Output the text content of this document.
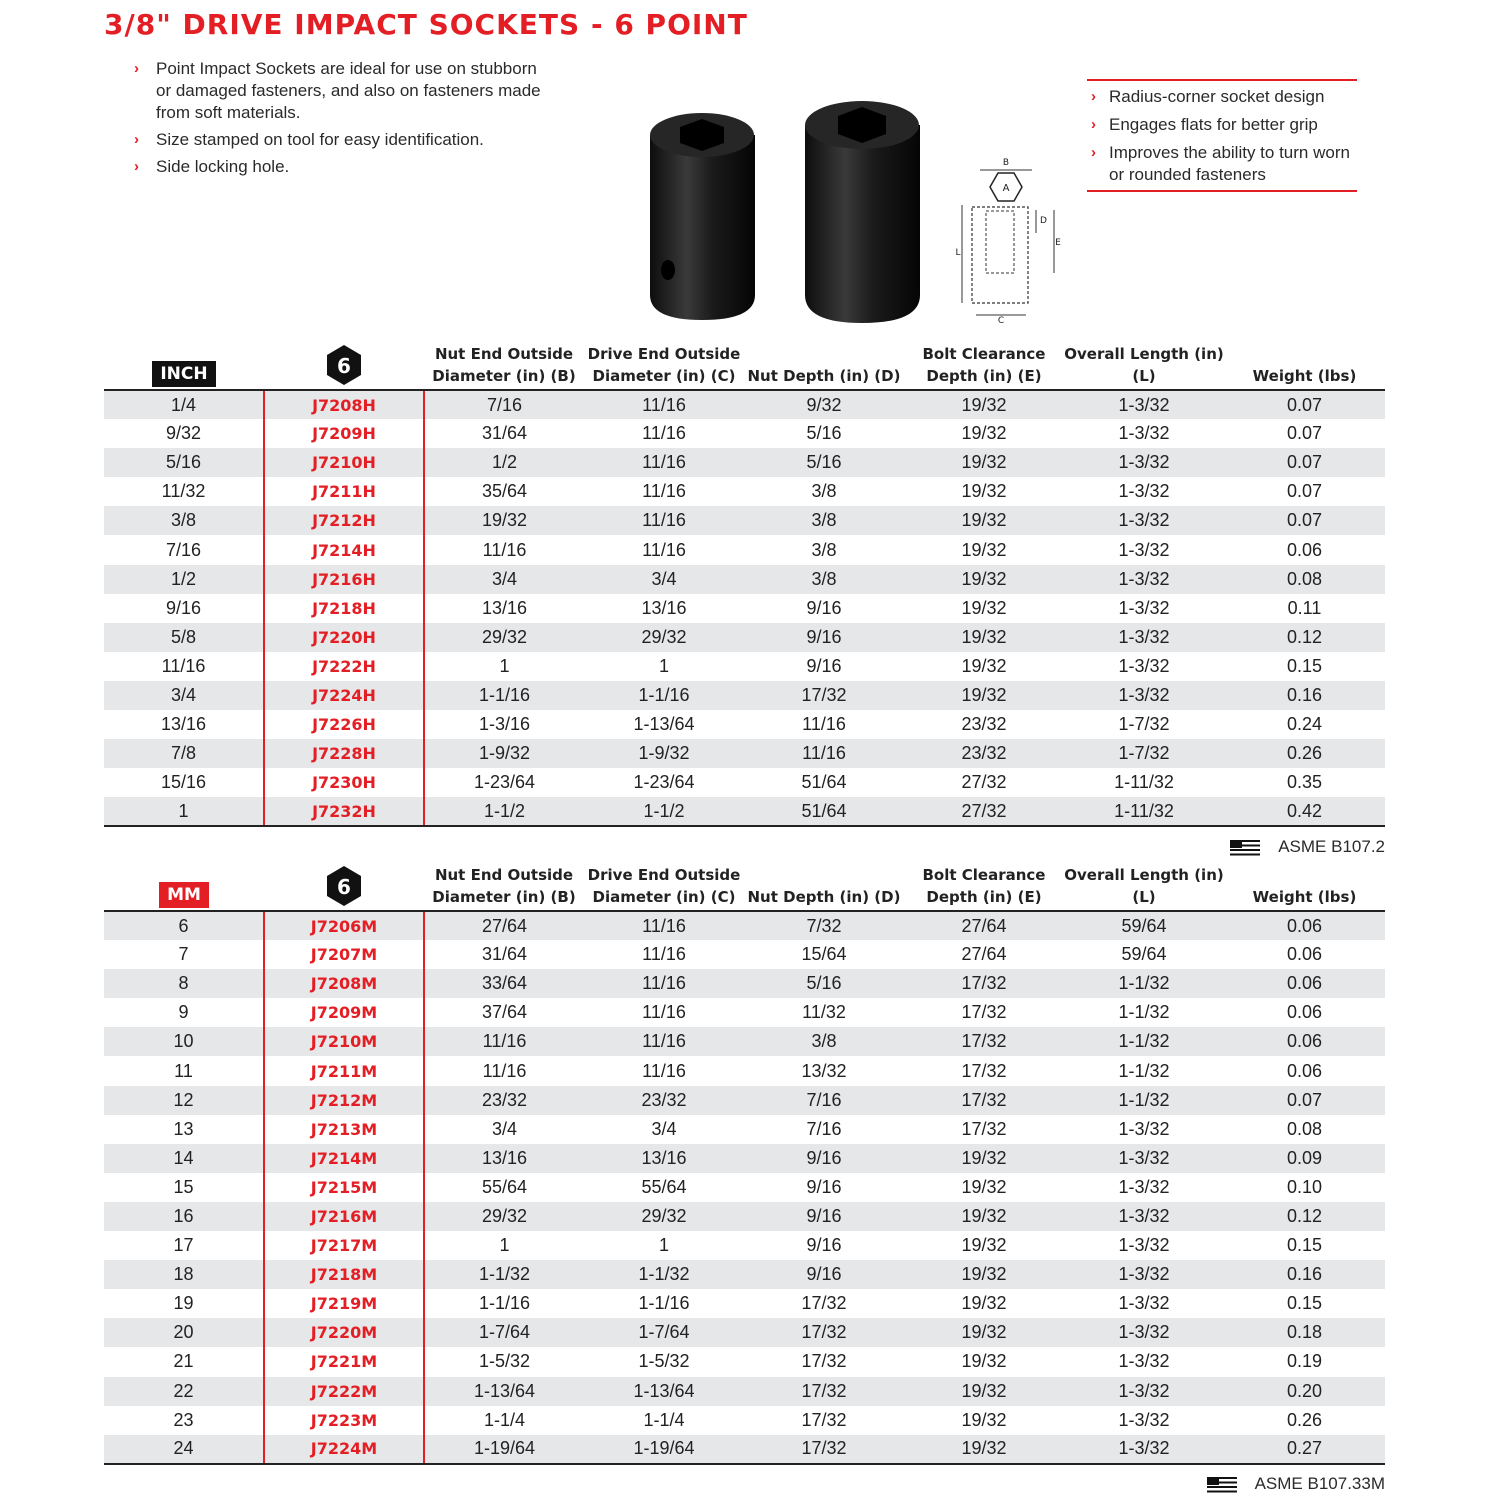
3/8" DRIVE IMPACT SOCKETS - 6 POINT
› Point Impact Sockets are ideal for use on stubborn or damaged fasteners, and also on fasteners made from soft materials.
› Size stamped on tool for easy identification.
› Side locking hole.	B
A
C
D
E
L
› Radius-corner socket design
› Engages flats for better grip
› Improves the ability to turn worn or rounded fasteners
INCH	6	Nut End Outside Diameter (in) (B)	Drive End Outside Diameter (in) (C)	Nut Depth (in) (D)	Bolt Clearance Depth (in) (E)	Overall Length (in) (L)	Weight (lbs)
1/4	J7208H	7/16	11/16	9/32	19/32	1-3/32	0.07
9/32	J7209H	31/64	11/16	5/16	19/32	1-3/32	0.07
5/16	J7210H	1/2	11/16	5/16	19/32	1-3/32	0.07
11/32	J7211H	35/64	11/16	3/8	19/32	1-3/32	0.07
3/8	J7212H	19/32	11/16	3/8	19/32	1-3/32	0.07
7/16	J7214H	11/16	11/16	3/8	19/32	1-3/32	0.06
1/2	J7216H	3/4	3/4	3/8	19/32	1-3/32	0.08
9/16	J7218H	13/16	13/16	9/16	19/32	1-3/32	0.11
5/8	J7220H	29/32	29/32	9/16	19/32	1-3/32	0.12
11/16	J7222H	1	1	9/16	19/32	1-3/32	0.15
3/4	J7224H	1-1/16	1-1/16	17/32	19/32	1-3/32	0.16
13/16	J7226H	1-3/16	1-13/64	11/16	23/32	1-7/32	0.24
7/8	J7228H	1-9/32	1-9/32	11/16	23/32	1-7/32	0.26
15/16	J7230H	1-23/64	1-23/64	51/64	27/32	1-11/32	0.35
1	J7232H	1-1/2	1-1/2	51/64	27/32	1-11/32	0.42
ASME B107.2
MM	6	Nut End Outside Diameter (in) (B)	Drive End Outside Diameter (in) (C)	Nut Depth (in) (D)	Bolt Clearance Depth (in) (E)	Overall Length (in) (L)	Weight (lbs)
6	J7206M	27/64	11/16	7/32	27/64	59/64	0.06
7	J7207M	31/64	11/16	15/64	27/64	59/64	0.06
8	J7208M	33/64	11/16	5/16	17/32	1-1/32	0.06
9	J7209M	37/64	11/16	11/32	17/32	1-1/32	0.06
10	J7210M	11/16	11/16	3/8	17/32	1-1/32	0.06
11	J7211M	11/16	11/16	13/32	17/32	1-1/32	0.06
12	J7212M	23/32	23/32	7/16	17/32	1-1/32	0.07
13	J7213M	3/4	3/4	7/16	17/32	1-3/32	0.08
14	J7214M	13/16	13/16	9/16	19/32	1-3/32	0.09
15	J7215M	55/64	55/64	9/16	19/32	1-3/32	0.10
16	J7216M	29/32	29/32	9/16	19/32	1-3/32	0.12
17	J7217M	1	1	9/16	19/32	1-3/32	0.15
18	J7218M	1-1/32	1-1/32	9/16	19/32	1-3/32	0.16
19	J7219M	1-1/16	1-1/16	17/32	19/32	1-3/32	0.15
20	J7220M	1-7/64	1-7/64	17/32	19/32	1-3/32	0.18
21	J7221M	1-5/32	1-5/32	17/32	19/32	1-3/32	0.19
22	J7222M	1-13/64	1-13/64	17/32	19/32	1-3/32	0.20
23	J7223M	1-1/4	1-1/4	17/32	19/32	1-3/32	0.26
24	J7224M	1-19/64	1-19/64	17/32	19/32	1-3/32	0.27
ASME B107.33M
